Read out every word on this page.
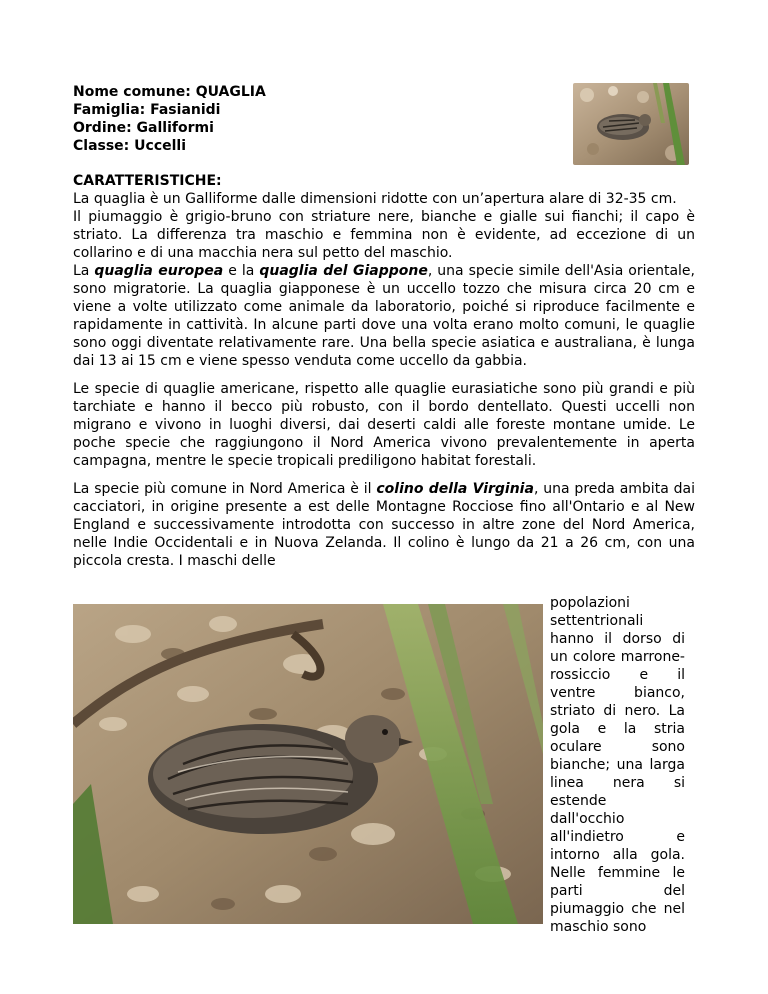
Nome comune: QUAGLIA

Famiglia: Fasianidi

Ordine: Galliformi

Classe: Uccelli

CARATTERISTICHE:

La quaglia è un Galliforme dalle dimensioni ridotte con un’apertura alare di 32-35 cm.

Il piumaggio è grigio-bruno con striature nere, bianche e gialle sui fianchi; il capo è striato. La differenza tra maschio e femmina non è evidente, ad eccezione di un collarino e di una macchia nera sul petto del maschio.

La quaglia europea e la quaglia del Giappone, una specie simile dell'Asia orientale, sono migratorie. La quaglia giapponese è un uccello tozzo che misura circa 20 cm e viene a volte utilizzato come animale da laboratorio, poiché si riproduce facilmente e rapidamente in cattività. In alcune parti dove una volta erano molto comuni, le quaglie sono oggi diventate relativamente rare. Una bella specie asiatica e australiana, è lunga dai 13 ai 15 cm e viene spesso venduta come uccello da gabbia.

Le specie di quaglie americane, rispetto alle quaglie eurasiatiche sono più grandi e più tarchiate e hanno il becco più robusto, con il bordo dentellato. Questi uccelli non migrano e vivono in luoghi diversi, dai deserti caldi alle foreste montane umide. Le poche specie che raggiungono il Nord America vivono prevalentemente in aperta campagna, mentre le specie tropicali prediligono habitat forestali.

La specie più comune in Nord America è il colino della Virginia, una preda ambita dai cacciatori, in origine presente a est delle Montagne Rocciose fino all'Ontario e al New England e successivamente introdotta con successo in altre zone del Nord America, nelle Indie Occidentali e in Nuova Zelanda. Il colino è lungo da 21 a 26 cm, con una piccola cresta. I maschi delle

popolazioni settentrionali hanno il dorso di un colore marrone-rossiccio e il ventre bianco, striato di nero. La gola e la stria oculare sono bianche; una larga linea nera si estende dall'occhio all'indietro e intorno alla gola. Nelle femmine le parti del piumaggio che nel maschio sono
